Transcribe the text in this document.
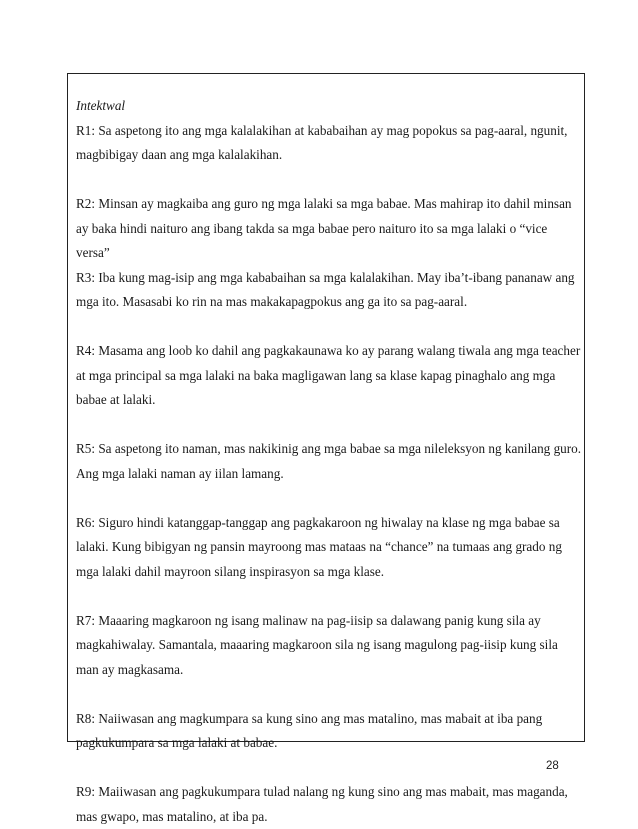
Intektwal

R1: Sa aspetong ito ang mga kalalakihan at kababaihan ay mag popokus sa pag-aaral, ngunit, magbibigay daan ang mga kalalakihan.

R2: Minsan ay magkaiba ang guro ng mga lalaki sa mga babae. Mas mahirap ito dahil minsan ay baka hindi naituro ang ibang takda sa mga babae pero naituro ito sa mga lalaki o “vice versa”

R3: Iba kung mag-isip ang mga kababaihan sa mga kalalakihan. May iba’t-ibang pananaw ang mga ito. Masasabi ko rin na mas makakapagpokus ang ga ito sa pag-aaral.

R4: Masama ang loob ko dahil ang pagkakaunawa ko ay parang walang tiwala ang mga teacher at mga principal sa mga lalaki na baka magligawan lang sa klase kapag pinaghalo ang mga babae at lalaki.

R5: Sa aspetong ito naman, mas nakikinig ang mga babae sa mga nileleksyon ng kanilang guro. Ang mga lalaki naman ay iilan lamang.

R6: Siguro hindi katanggap-tanggap ang pagkakaroon ng hiwalay na klase ng mga babae sa lalaki. Kung bibigyan ng pansin mayroong mas mataas na “chance” na tumaas ang grado ng mga lalaki dahil mayroon silang inspirasyon sa mga klase.

R7: Maaaring magkaroon ng isang malinaw na pag-iisip sa dalawang panig kung sila ay magkahiwalay. Samantala, maaaring magkaroon sila ng isang magulong pag-iisip kung sila man ay magkasama.

R8: Naiiwasan ang magkumpara sa kung sino ang mas matalino, mas mabait at iba pang pagkukumpara sa mga lalaki at babae.

R9: Maiiwasan ang pagkukumpara tulad nalang ng kung sino ang mas mabait, mas maganda, mas gwapo, mas matalino, at iba pa.

28
